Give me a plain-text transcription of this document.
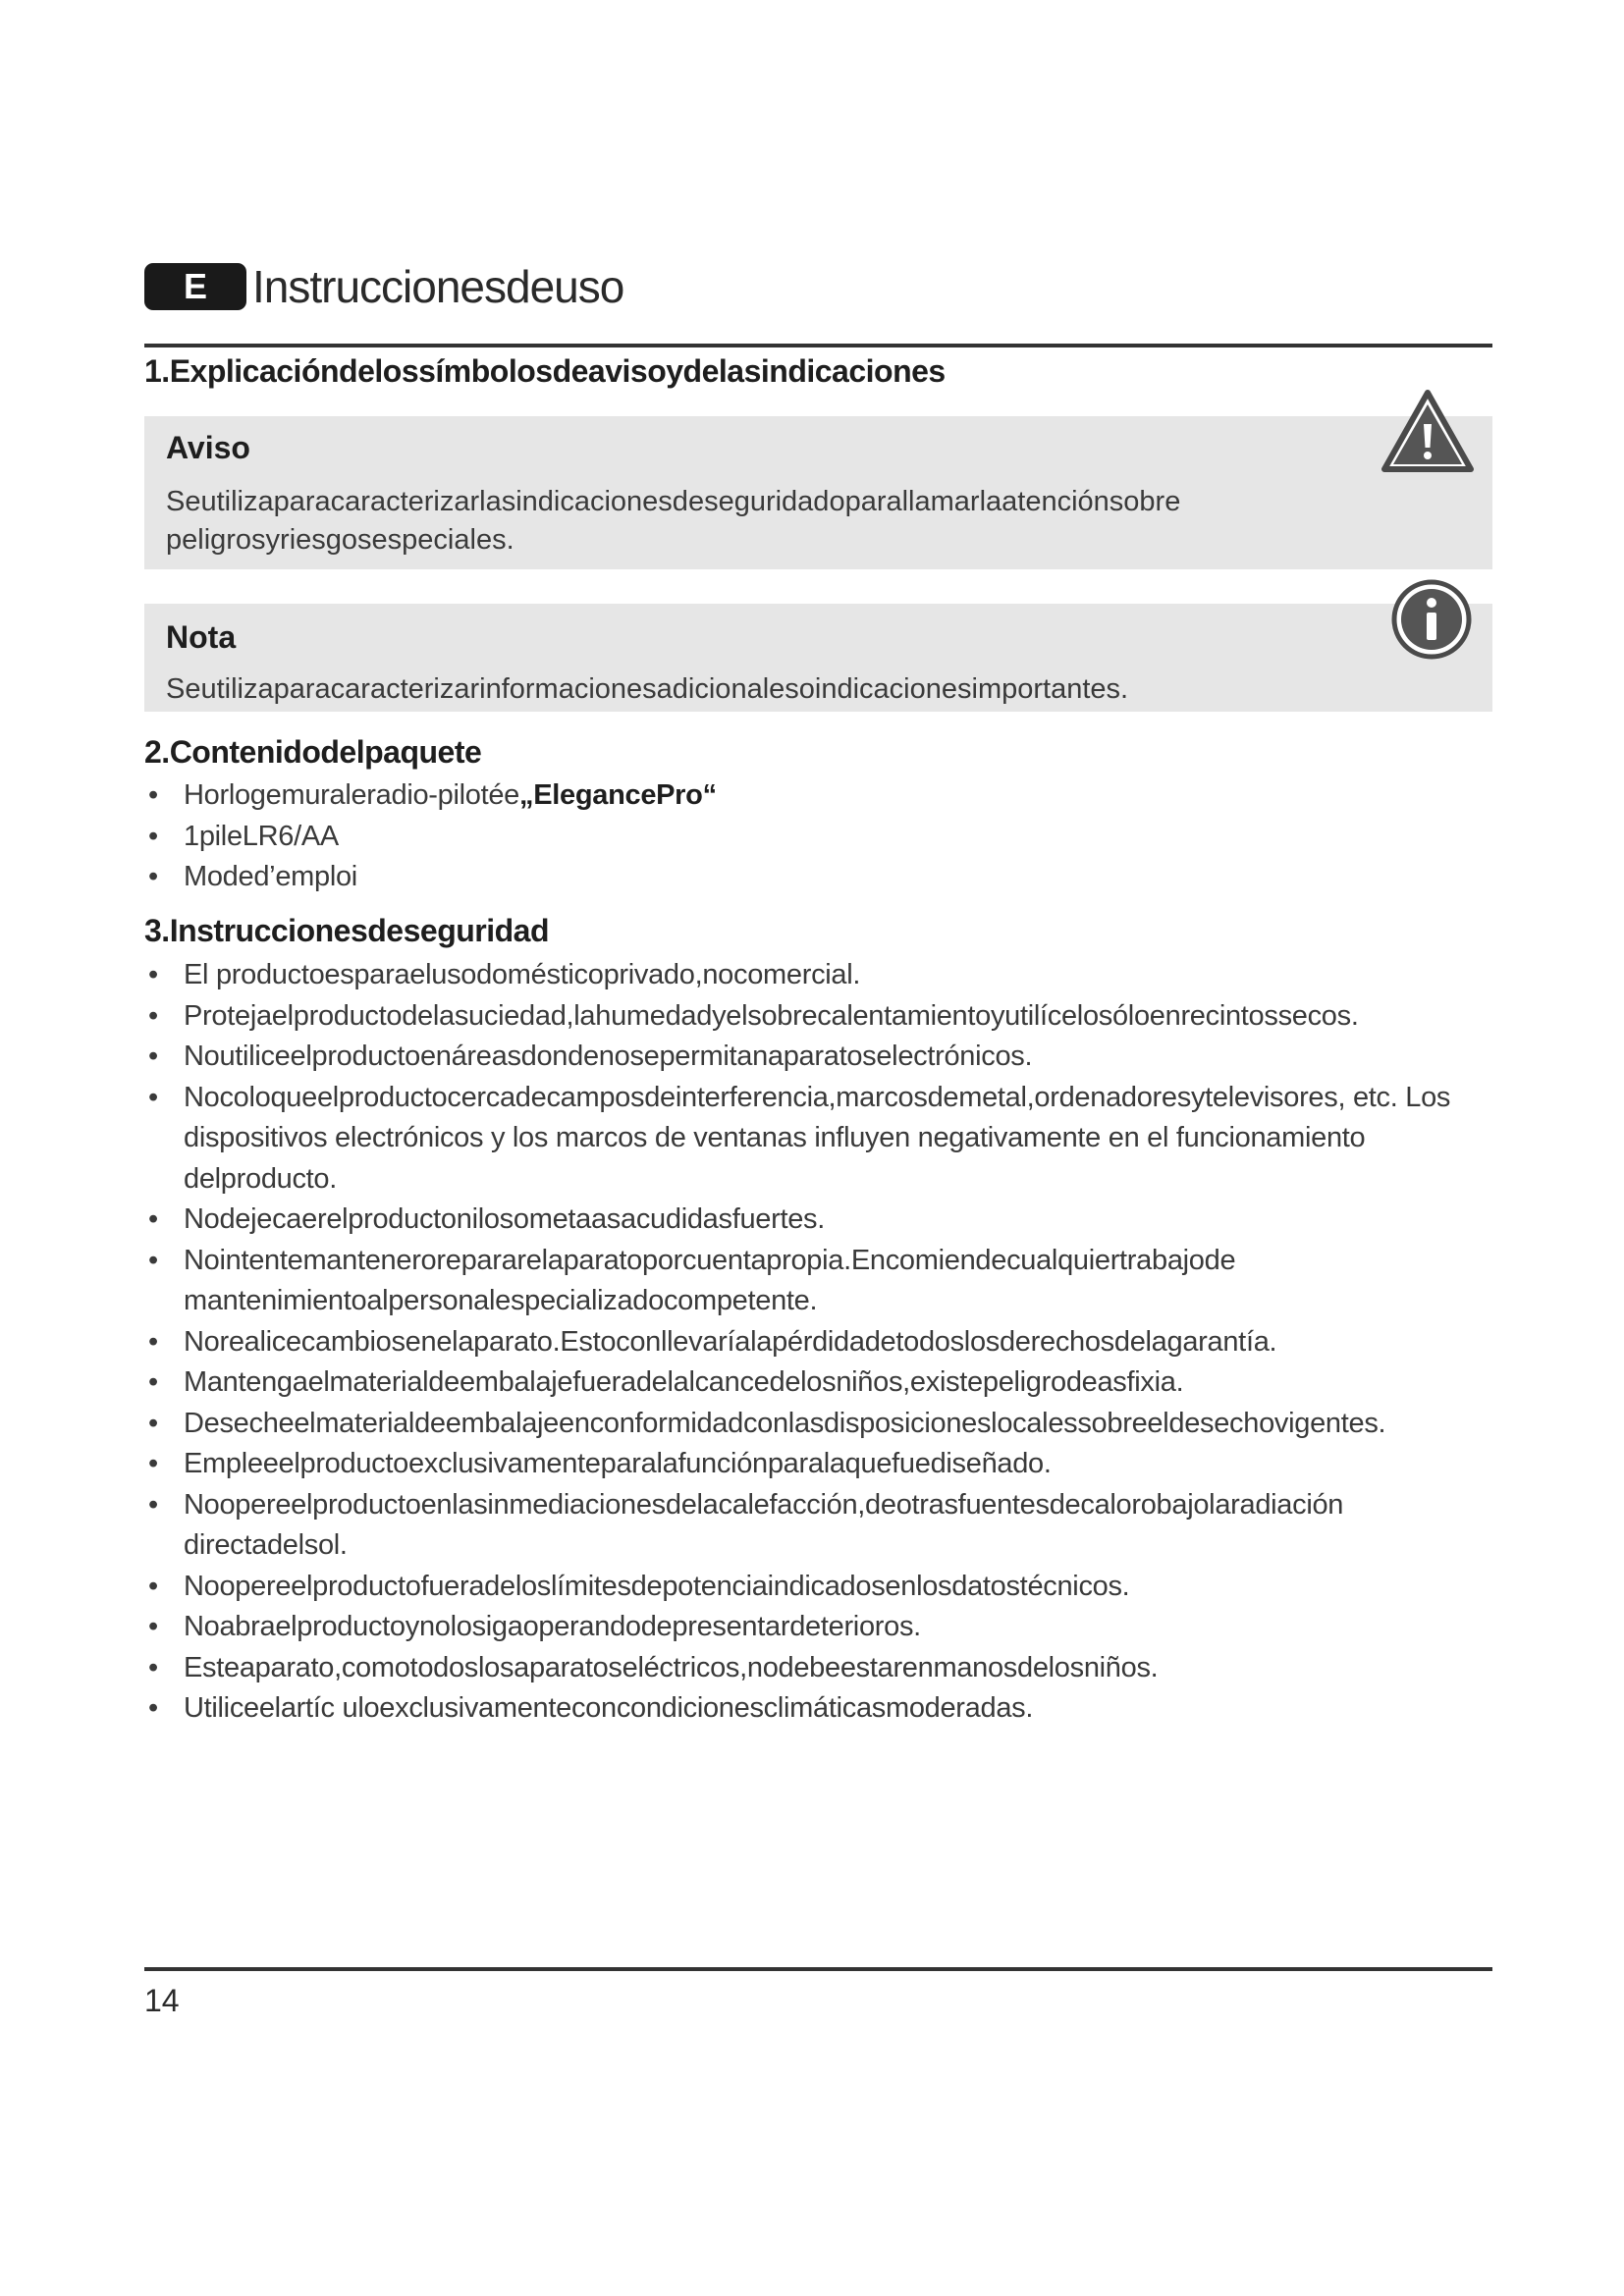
E	Instruccionesdeuso
1.Explicacióndelossímbolosdeavisoydelasindicaciones
Aviso
Seutilizaparacaracterizarlasindicacionesdeseguridadoparallamarlaatenciónsobre peligrosyriesgosespeciales.
Nota
Seutilizaparacaracterizarinformacionesadicionalesoindicacionesimportantes.
2.Contenidodelpaquete
• Horlogemuraleradio-pilotée„ElegancePro“
• 1pileLR6/AA
• Moded’emploi
3.Instruccionesdeseguridad
• El productoesparaelusodomésticoprivado,nocomercial.
• Protejaelproductodelasuciedad,lahumedadyelsobrecalentamientoyutilícelosóloenrecintossecos.
• Noutiliceelproductoenáreasdondenosepermitanaparatoselectrónicos.
• Nocoloqueelproductocercadecamposdeinterferencia,marcosdemetal,ordenadoresytelevisores, etc. Los dispositivos electrónicos y los marcos de ventanas influyen negativamente en el funcionamiento delproducto.
• Nodejecaerelproductonilosometaasacudidasfuertes.
• Nointentemantenerorepararelaparatoporcuentapropia.Encomiendecualquiertrabajode mantenimientoalpersonalespecializadocompetente.
• Norealicecambiosenelaparato.Estoconllevaríalapérdidadetodoslosderechosdelagarantía.
• Mantengaelmaterialdeembalajefueradelalcancedelosniños,existepeligrodeasfixia.
• Desecheelmaterialdeembalajeenconformidadconlasdisposicioneslocalessobreeldesechovigentes.
• Empleeelproductoexclusivamenteparalafunciónparalaquefuediseñado.
• Noopereelproductoenlasinmediacionesdelacalefacción,deotrasfuentesdecalorobajolaradiación directadelsol.
• Noopereelproductofueradeloslímitesdepotenciaindicadosenlosdatostécnicos.
• Noabraelproductoynolosigaoperandodepresentardeterioros.
• Esteaparato,comotodoslosaparatoseléctricos,nodebeestarenmanosdelosniños.
• Utiliceelartíc uloexclusivamenteconcondicionesclimáticasmoderadas.
14
